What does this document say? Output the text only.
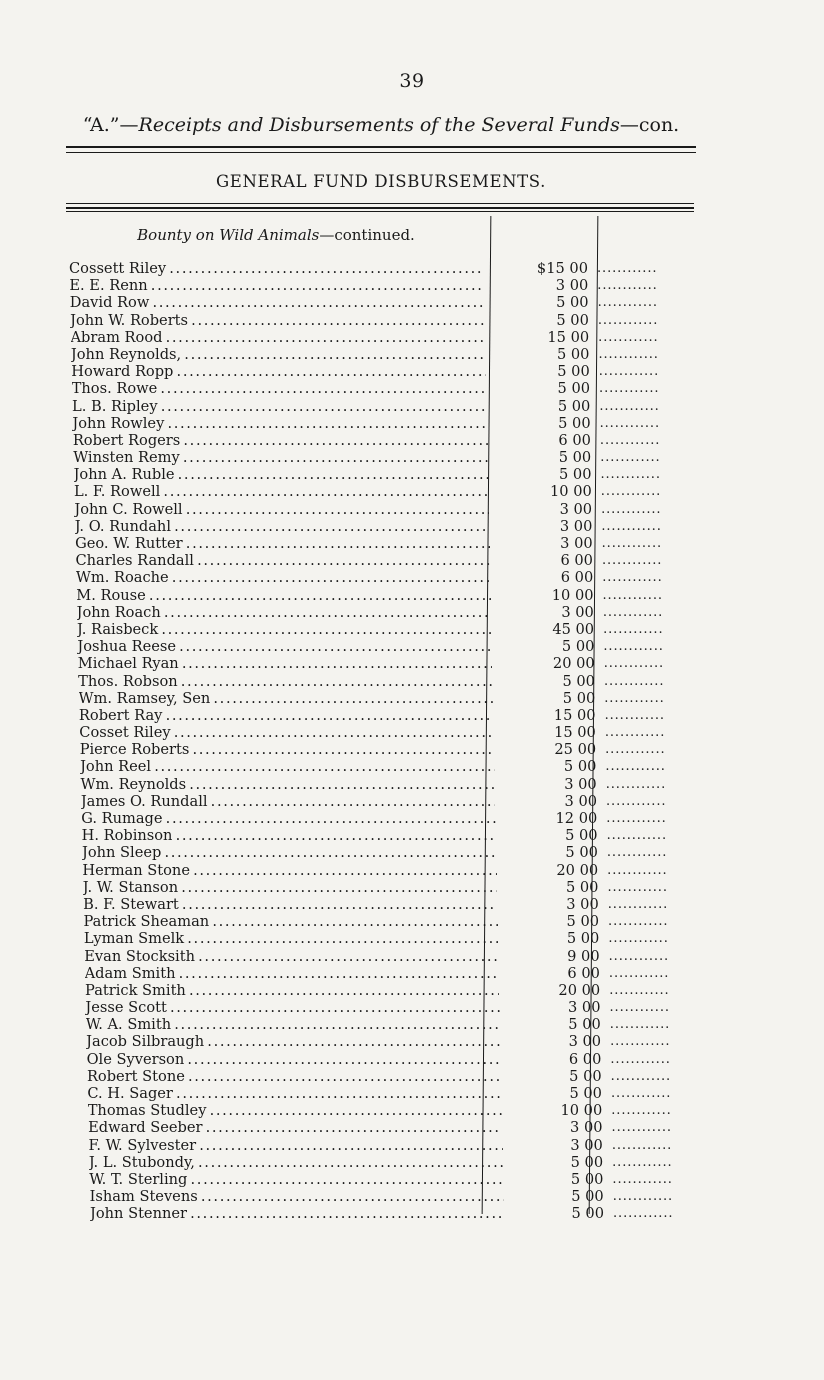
39
“A.”—Receipts and Disbursements of the Several Funds—con.
GENERAL FUND DISBURSEMENTS.
Bounty on Wild Animals—continued.
Cossett Riley . . .	$15 00 ............
E. E. Renn . . .	3 00 ............
David Row . . .	5 00 ............
John W. Roberts . . .	5 00 ............
Abram Rood . . .	15 00 ............
John Reynolds, . . .	5 00 ............
Howard Ropp . . .	5 00 ............
Thos. Rowe . . .	5 00 ............
L. B. Ripley . . .	5 00 ............
John Rowley . . .	5 00 ............
Robert Rogers . . .	6 00 ............
Winsten Remy . . .	5 00 ............
John A. Ruble . . .	5 00 ............
L. F. Rowell . . .	10 00 ............
John C. Rowell . . .	3 00 ............
J. O. Rundahl . . .	3 00 ............
Geo. W. Rutter . . .	3 00 ............
Charles Randall . . .	6 00 ............
Wm. Roache . . .	6 00 ............
M. Rouse . . .	10 00 ............
John Roach . . .	3 00 ............
J. Raisbeck . . .	45 00 ............
Joshua Reese . . .	5 00 ............
Michael Ryan . . .	20 00 ............
Thos. Robson . . .	5 00 ............
Wm. Ramsey, Sen . . .	5 00 ............
Robert Ray . . .	15 00 ............
Cosset Riley . . .	15 00 ............
Pierce Roberts . . .	25 00 ............
John Reel . . .	5 00 ............
Wm. Reynolds . . .	3 00 ............
James O. Rundall . . .	3 00 ............
G. Rumage . . .	12 00 ............
H. Robinson . . .	5 00 ............
John Sleep . . .	5 00 ............
Herman Stone . . .	20 00 ............
J. W. Stanson . . .	5 00 ............
B. F. Stewart . . .	3 00 ............
Patrick Sheaman . . .	5 00 ............
Lyman Smelk . . .	5 00 ............
Evan Stocksith . . .	9 00 ............
Adam Smith . . .	6 00 ............
Patrick Smith . . .	20 00 ............
Jesse Scott . . .	3 00 ............
W. A. Smith . . .	5 00 ............
Jacob Silbraugh . . .	3 00 ............
Ole Syverson . . .	6 00 ............
Robert Stone . . .	5 00 ............
C. H. Sager . . .	5 00 ............
Thomas Studley . . .	10 00 ............
Edward Seeber . . .	3 00 ............
F. W. Sylvester . . .	3 00 ............
J. L. Stubondy, . . .	5 00 ............
W. T. Sterling . . .	5 00 ............
Isham Stevens . . .	5 00 ............
John Stenner . . .	5 00 ............
